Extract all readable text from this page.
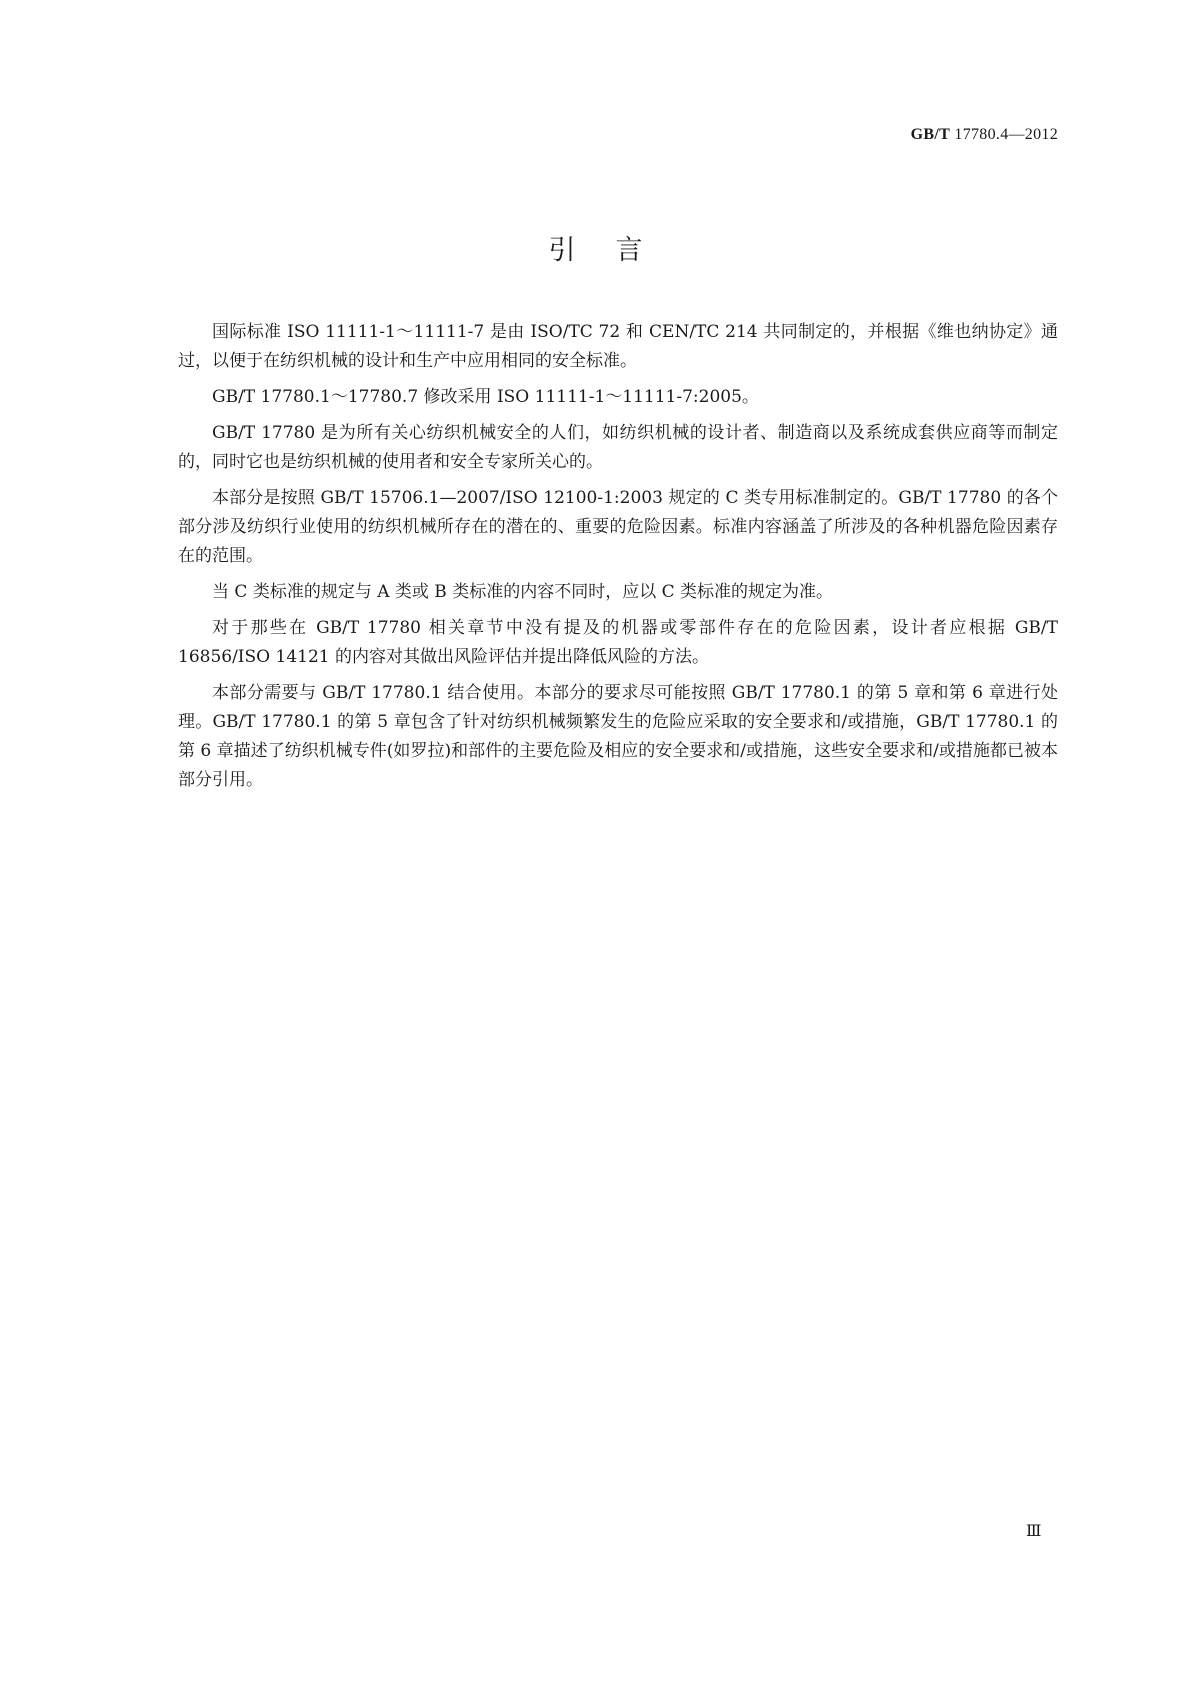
GB/T 17780.4—2012
引言

国际标准 ISO 11111-1～11111-7 是由 ISO/TC 72 和 CEN/TC 214 共同制定的，并根据《维也纳协定》通过，以便于在纺织机械的设计和生产中应用相同的安全标准。

GB/T 17780.1～17780.7 修改采用 ISO 11111-1～11111-7:2005。

GB/T 17780 是为所有关心纺织机械安全的人们，如纺织机械的设计者、制造商以及系统成套供应商等而制定的，同时它也是纺织机械的使用者和安全专家所关心的。

本部分是按照 GB/T 15706.1—2007/ISO 12100-1:2003 规定的 C 类专用标准制定的。GB/T 17780 的各个部分涉及纺织行业使用的纺织机械所存在的潜在的、重要的危险因素。标准内容涵盖了所涉及的各种机器危险因素存在的范围。

当 C 类标准的规定与 A 类或 B 类标准的内容不同时，应以 C 类标准的规定为准。

对于那些在 GB/T 17780 相关章节中没有提及的机器或零部件存在的危险因素，设计者应根据 GB/T 16856/ISO 14121 的内容对其做出风险评估并提出降低风险的方法。

本部分需要与 GB/T 17780.1 结合使用。本部分的要求尽可能按照 GB/T 17780.1 的第 5 章和第 6 章进行处理。GB/T 17780.1 的第 5 章包含了针对纺织机械频繁发生的危险应采取的安全要求和/或措施，GB/T 17780.1 的第 6 章描述了纺织机械专件(如罗拉)和部件的主要危险及相应的安全要求和/或措施，这些安全要求和/或措施都已被本部分引用。

Ⅲ
